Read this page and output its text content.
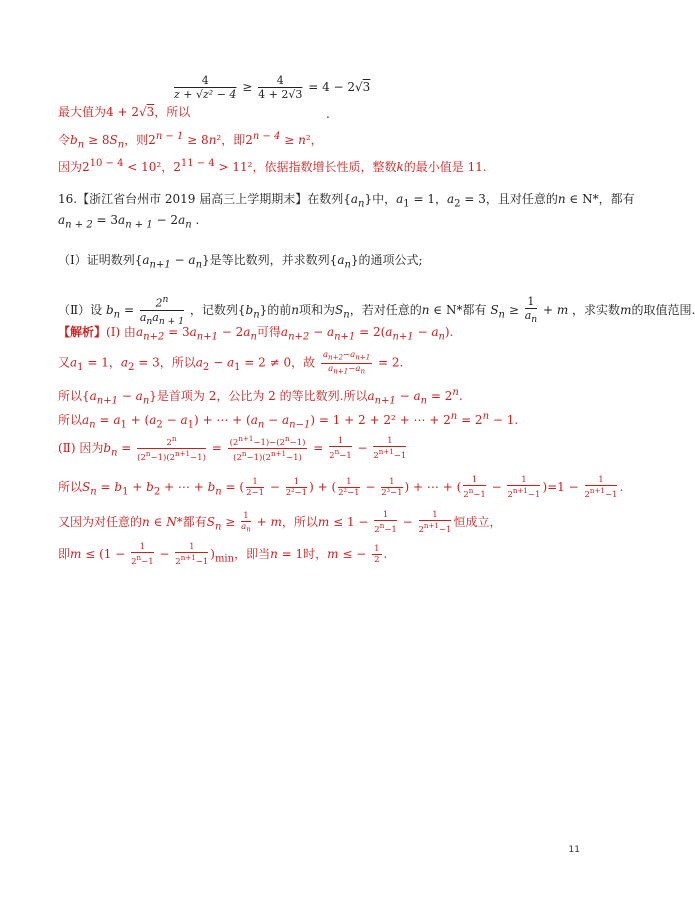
$\frac{4}{\text{z + √z² − 4}} \ge \frac{4}{4 + 2√3} = 4 - 2√3$
.
最大值为4 + 2√3，所以
令$b_n \ge 8S_n$，则$2^{n - 1} \ge 8n^2$，即$2^{n - 4} \ge n^2$，
因为$2^{10 - 4} < 10^2$，$2^{11 - 4} > 11^2$，依据指数增长性质，整数k的最小值是 11.
16.【浙江省台州市 2019 届高三上学期期末】在数列$\{a_n\}$中，$a_1 = 1$，$a_2 = 3$，且对任意的n ∈ N*，都有
$a_{n + 2} = 3a_{n + 1} - 2a_n$ .
（Ⅰ）证明数列$\{a_{n+1} - a_n\}$是等比数列，并求数列$\{a_n\}$的通项公式;
（Ⅱ）设 $b_n = \frac{2^n}{a_na_{n + 1}}$ ，记数列$\{b_n\}$的前n项和为$S_n$，若对任意的n ∈ N*都有 $S_n \ge \frac{1}{a_n} + m$ ，求实数m的取值范围.
【解析】(Ⅰ) 由$a_{n+2} = 3a_{n+1} - 2a_n$可得$a_{n+2} - a_{n+1} = 2(a_{n+1} - a_n)$.
又$a_1 = 1$，$a_2 = 3$，所以$a_2 - a_1 = 2 \ne 0$，故 $\frac{a_{n+2}-a_{n+1}}{a_{n+1}-a_n} = 2$.
所以$\{a_{n+1} - a_n\}$是首项为 2，公比为 2 的等比数列.所以$a_{n+1} - a_n = 2^n$.
所以$a_n = a_1 + (a_2 - a_1)$ + ⋯ + $(a_n - a_{n-1}) = 1 + 2 + 2^2$ + ⋯ + $2^n = 2^n - 1$.
(Ⅱ) 因为$b_n = \frac{2^n}{(2^n-1)(2^{n+1}-1)} = \frac{(2^{n+1}-1)-(2^n-1)}{(2^n-1)(2^{n+1}-1)} = \frac{1}{2^n-1} - \frac{1}{2^{n+1}-1}$
所以$S_n = b_1 + b_2$ + ⋯ + $b_n$ = ( $\frac{1}{2-1} - \frac{1}{\text{2²−1}}$ ) + ( $\frac{1}{\text{2²−1}} - \frac{1}{\text{2³−1}}$ ) + ⋯ + ( $\frac{1}{2^n-1} - \frac{1}{2^{n+1}-1} )=1 - \frac{1}{2^{n+1}-1}$ .
又因为对任意的n ∈ N*都有$S_n \ge \frac{1}{a_n} + m$，所以$m \le 1 - \frac{1}{2^n-1} - \frac{1}{2^{n+1}-1}$ 恒成立，
即$m \le (1 - \frac{1}{2^n-1} - \frac{1}{2^{n+1}-1} )_{min}$，即当n = 1时，m ≤ − $\frac{1}{2}$ .
11
